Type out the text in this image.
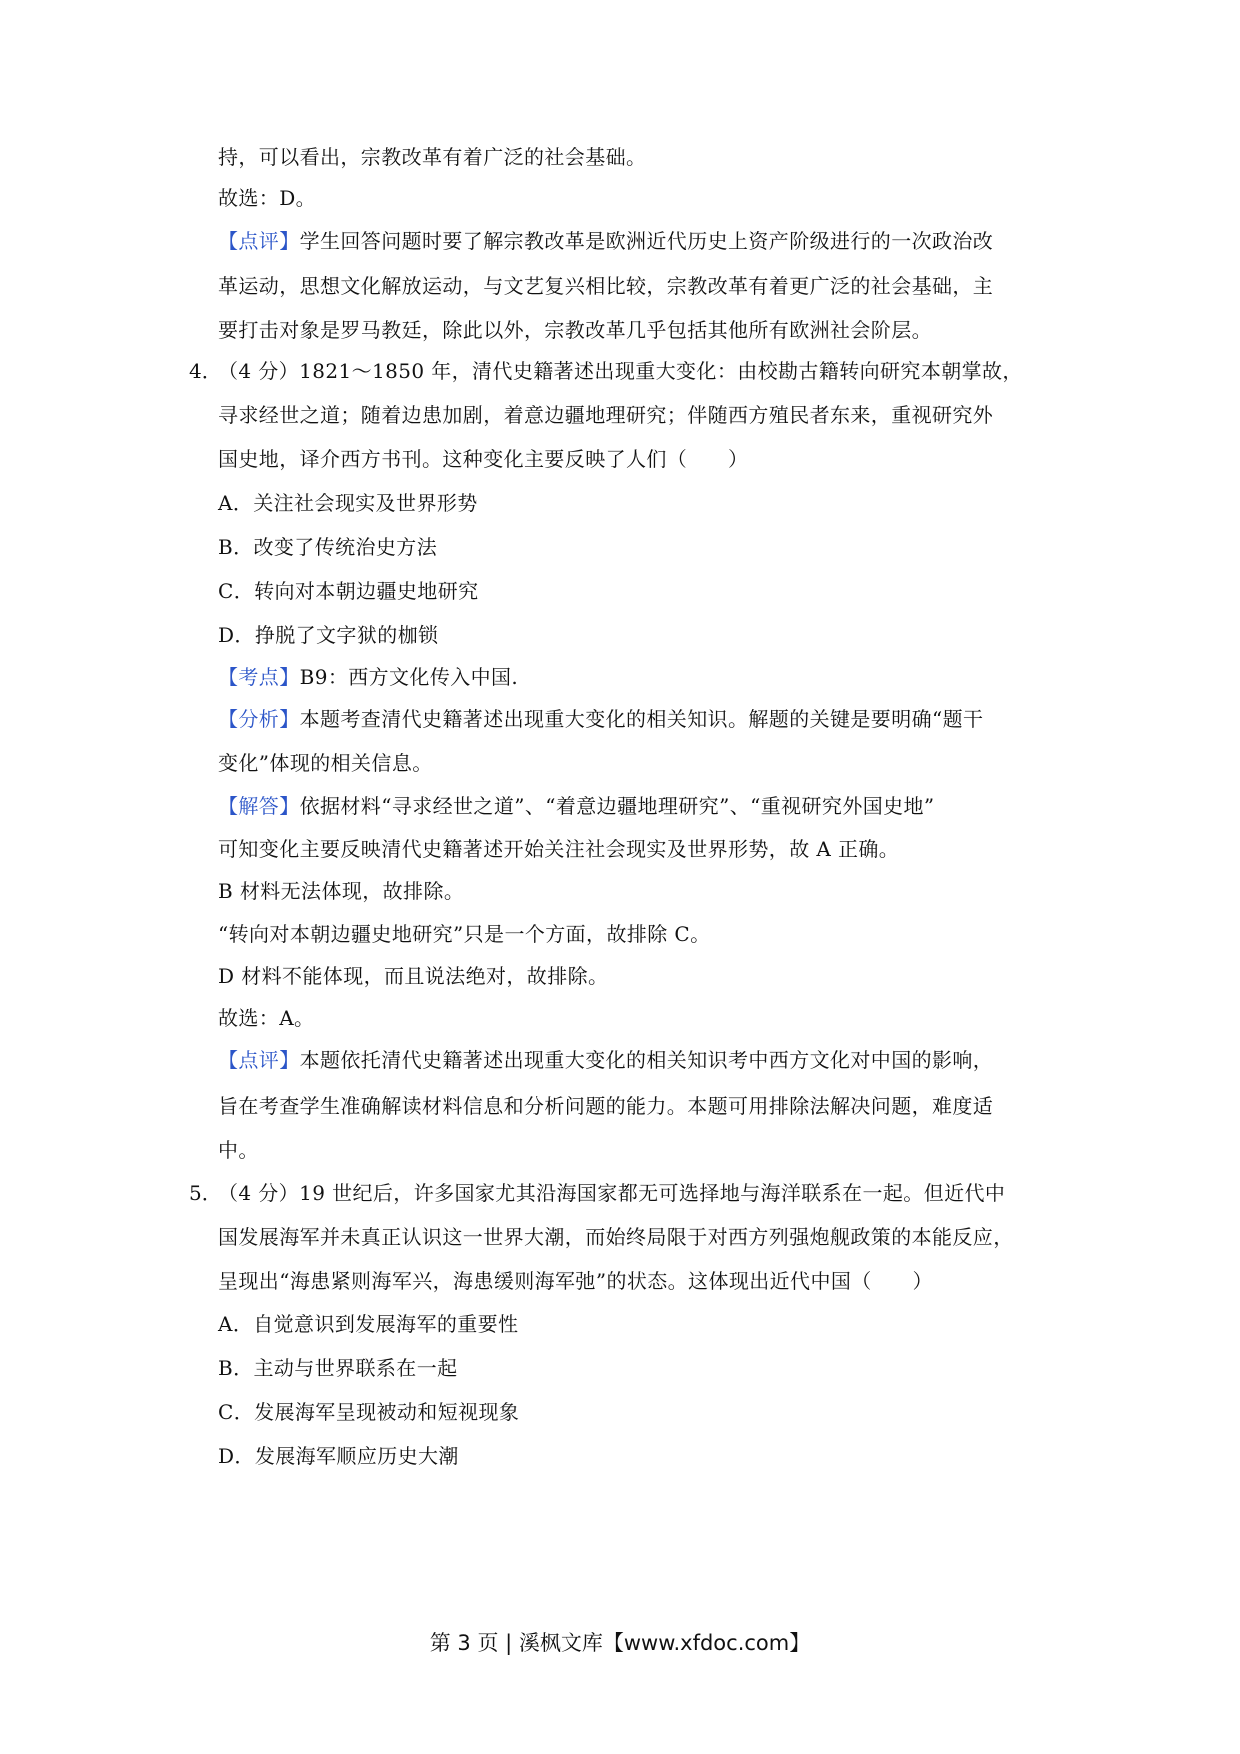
持，可以看出，宗教改革有着广泛的社会基础。
故选：D。
【点评】学生回答问题时要了解宗教改革是欧洲近代历史上资产阶级进行的一次政治改
革运动，思想文化解放运动，与文艺复兴相比较，宗教改革有着更广泛的社会基础，主
要打击对象是罗马教廷，除此以外，宗教改革几乎包括其他所有欧洲社会阶层。
4．
（4 分）1821～1850 年，清代史籍著述出现重大变化：由校勘古籍转向研究本朝掌故，
寻求经世之道；随着边患加剧，着意边疆地理研究；伴随西方殖民者东来，重视研究外
国史地，译介西方书刊。这种变化主要反映了人们（　　）
A．关注社会现实及世界形势
B．改变了传统治史方法
C．转向对本朝边疆史地研究
D．挣脱了文字狱的枷锁
【考点】B9：西方文化传入中国.
【分析】本题考查清代史籍著述出现重大变化的相关知识。解题的关键是要明确“题干
变化”体现的相关信息。
【解答】依据材料“寻求经世之道”、“着意边疆地理研究”、“重视研究外国史地”
可知变化主要反映清代史籍著述开始关注社会现实及世界形势，故 A 正确。
B 材料无法体现，故排除。
“转向对本朝边疆史地研究”只是一个方面，故排除 C。
D 材料不能体现，而且说法绝对，故排除。
故选：A。
【点评】本题依托清代史籍著述出现重大变化的相关知识考中西方文化对中国的影响，
旨在考查学生准确解读材料信息和分析问题的能力。本题可用排除法解决问题，难度适
中。
5．
（4 分）19 世纪后，许多国家尤其沿海国家都无可选择地与海洋联系在一起。但近代中
国发展海军并未真正认识这一世界大潮，而始终局限于对西方列强炮舰政策的本能反应，
呈现出“海患紧则海军兴，海患缓则海军弛”的状态。这体现出近代中国（　　）
A．自觉意识到发展海军的重要性
B．主动与世界联系在一起
C．发展海军呈现被动和短视现象
D．发展海军顺应历史大潮
第 3 页 | 溪枫文库【www.xfdoc.com】
